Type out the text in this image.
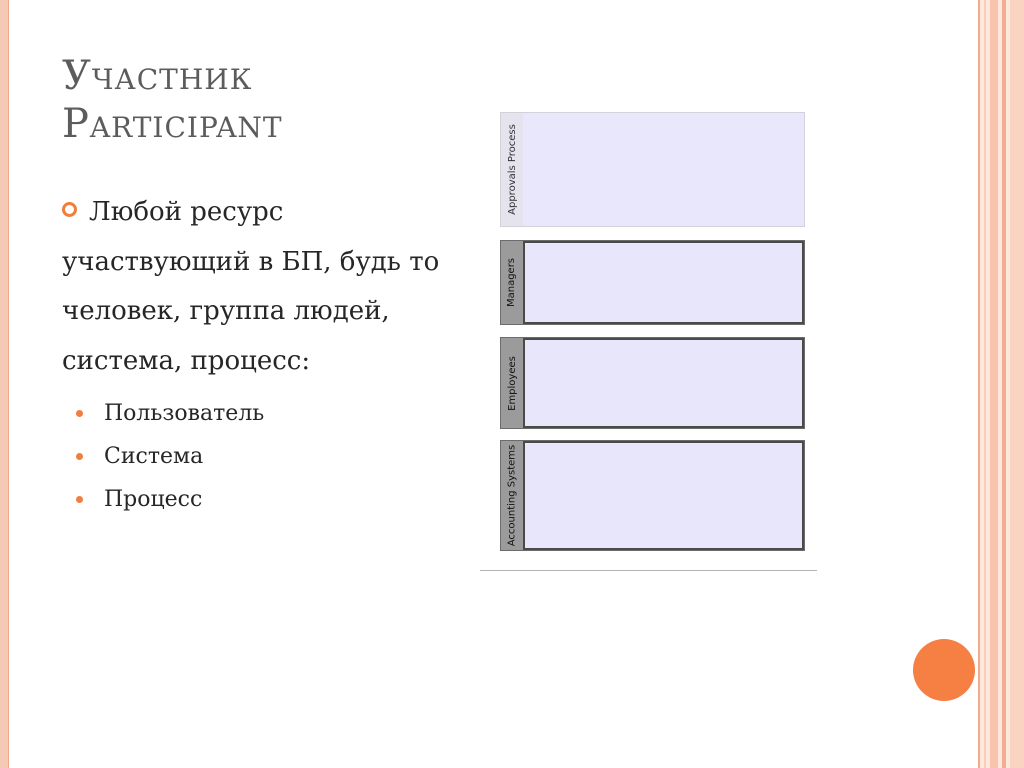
Участник
Participant

Любой ресурс участвующий в БП, будь то человек, группа людей, система, процесс:

Пользователь
Система
Процесс
Approvals Process
Managers
Employees
Accounting Systems
